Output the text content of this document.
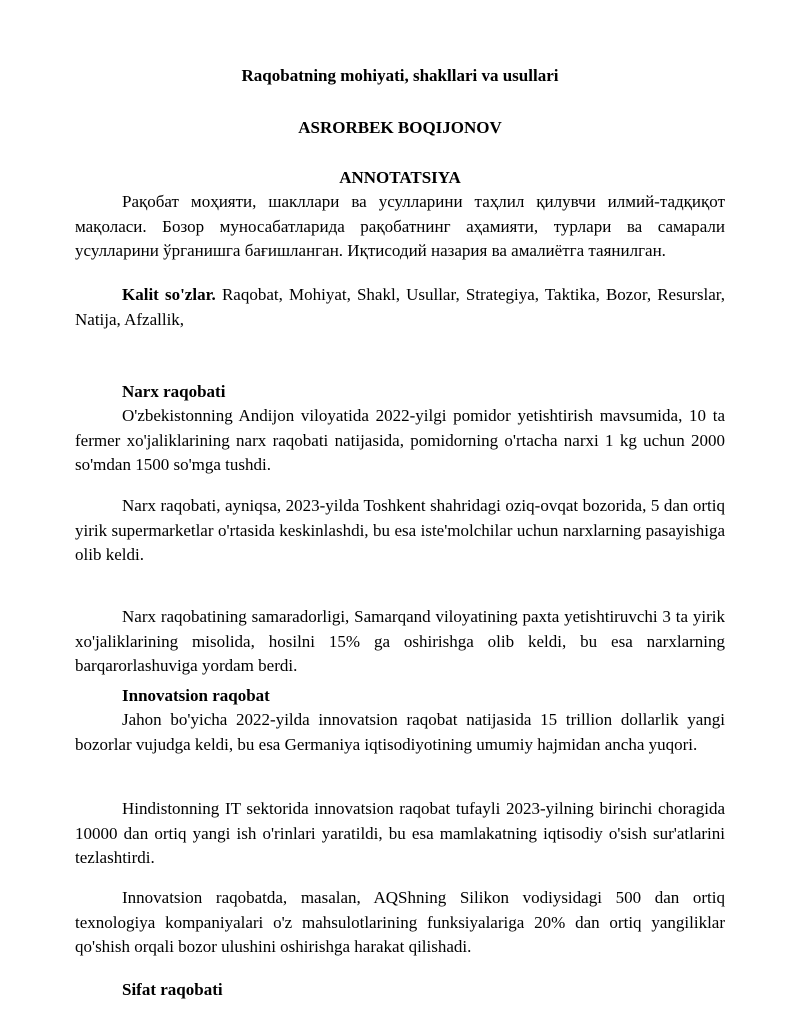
Raqobatning mohiyati, shakllari va usullari

ASRORBEK BOQIJONOV

ANNOTATSIYA

Рақобат моҳияти, шакллари ва усулларини таҳлил қилувчи илмий-тадқиқот мақоласи. Бозор муносабатларида рақобатнинг аҳамияти, турлари ва самарали усулларини ўрганишга бағишланган. Иқтисодий назария ва амалиётга таянилган.

Kalit so'zlar. Raqobat, Mohiyat, Shakl, Usullar, Strategiya, Taktika, Bozor, Resurslar, Natija, Afzallik,

Narx raqobati

O'zbekistonning Andijon viloyatida 2022-yilgi pomidor yetishtirish mavsumida, 10 ta fermer xo'jaliklarining narx raqobati natijasida, pomidorning o'rtacha narxi 1 kg uchun 2000 so'mdan 1500 so'mga tushdi.

Narx raqobati, ayniqsa, 2023-yilda Toshkent shahridagi oziq-ovqat bozorida, 5 dan ortiq yirik supermarketlar o'rtasida keskinlashdi, bu esa iste'molchilar uchun narxlarning pasayishiga olib keldi.

Narx raqobatining samaradorligi, Samarqand viloyatining paxta yetishtiruvchi 3 ta yirik xo'jaliklarining misolida, hosilni 15% ga oshirishga olib keldi, bu esa narxlarning barqarorlashuviga yordam berdi.

Innovatsion raqobat

Jahon bo'yicha 2022-yilda innovatsion raqobat natijasida 15 trillion dollarlik yangi bozorlar vujudga keldi, bu esa Germaniya iqtisodiyotining umumiy hajmidan ancha yuqori.

Hindistonning IT sektorida innovatsion raqobat tufayli 2023-yilning birinchi choragida 10000 dan ortiq yangi ish o'rinlari yaratildi, bu esa mamlakatning iqtisodiy o'sish sur'atlarini tezlashtirdi.

Innovatsion raqobatda, masalan, AQShning Silikon vodiysidagi 500 dan ortiq texnologiya kompaniyalari o'z mahsulotlarining funksiyalariga 20% dan ortiq yangiliklar qo'shish orqali bozor ulushini oshirishga harakat qilishadi.

Sifat raqobati
